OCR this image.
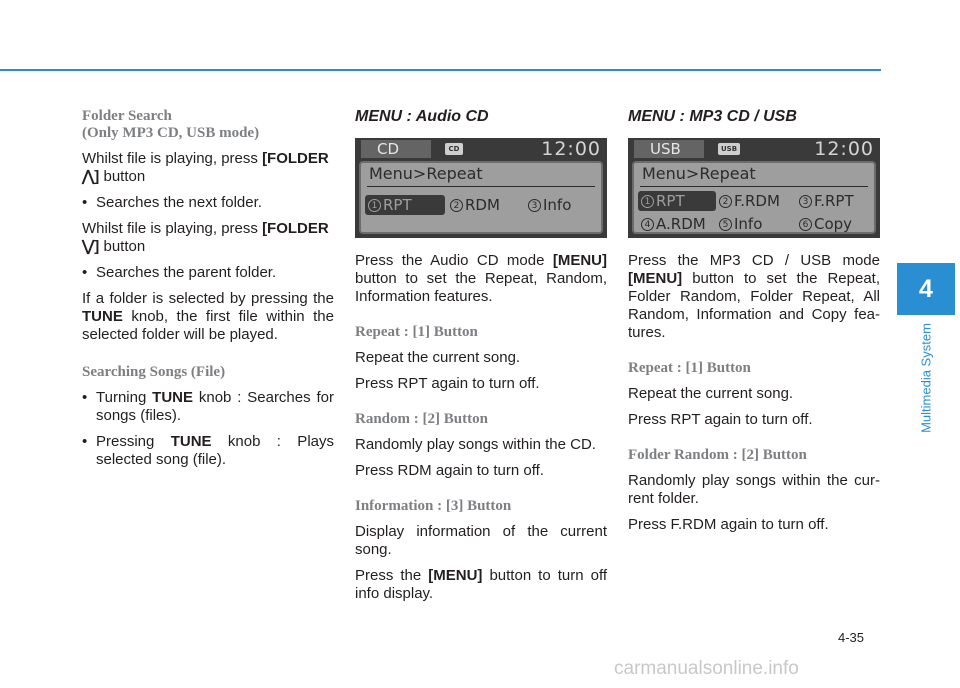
4
Multimedia System
Folder Search
(Only MP3 CD, USB mode)

Whilst file is playing, press [FOLDER ⋀] button

• Searches the next folder.

Whilst file is playing, press [FOLDER ⋁] button

• Searches the parent folder.

If a folder is selected by pressing the TUNE knob, the first file within the selected folder will be played.

Searching Songs (File)

• Turning TUNE knob : Searches for songs (files).

• Pressing TUNE knob : Plays selected song (file).

MENU : Audio CD
CD	CD	12:00
Menu>Repeat
1 RPT	2 RDM	3 Info

Press the Audio CD mode [MENU] button to set the Repeat, Random, Information features.

Repeat : [1] Button

Repeat the current song.

Press RPT again to turn off.

Random : [2] Button

Randomly play songs within the CD.

Press RDM again to turn off.

Information : [3] Button

Display information of the current song.

Press the [MENU] button to turn off info display.

MENU : MP3 CD / USB
USB	USB	12:00
Menu>Repeat
1 RPT	2 F.RDM	3 F.RPT
4 A.RDM	5 Info	6 Copy

Press the MP3 CD / USB mode [MENU] button to set the Repeat, Folder Random, Folder Repeat, All Random, Information and Copy fea-tures.

Repeat : [1] Button

Repeat the current song.

Press RPT again to turn off.

Folder Random : [2] Button

Randomly play songs within the cur-rent folder.

Press F.RDM again to turn off.

4-35
carmanualsonline.info
